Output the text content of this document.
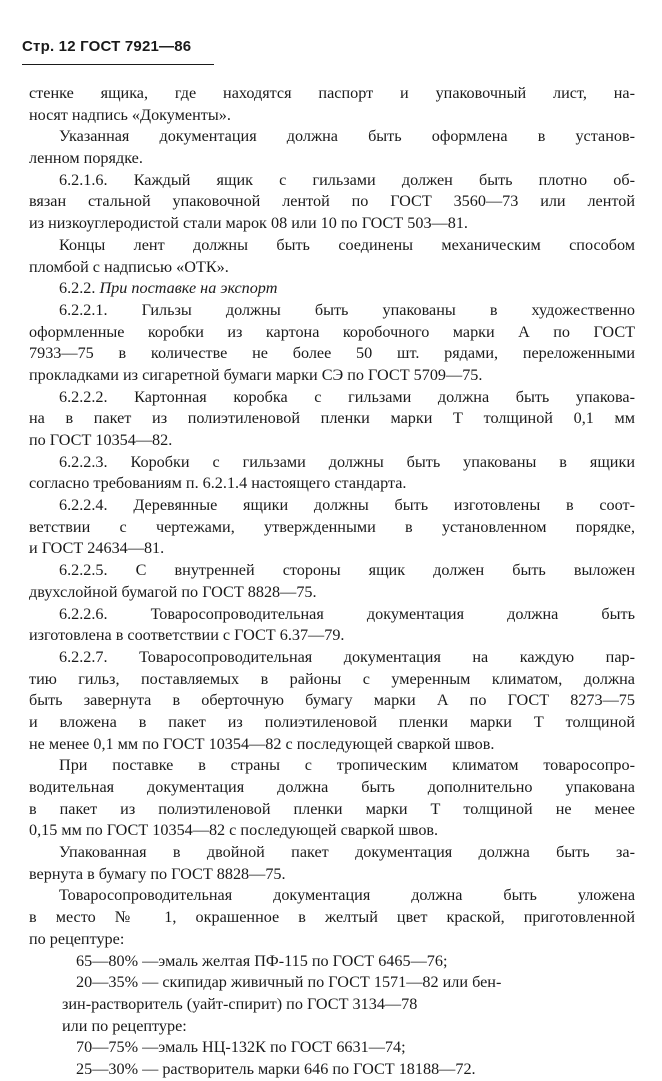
Стр. 12 ГОСТ 7921—86
стенке ящика, где находятся паспорт и упаковочный лист, на-
носят надпись «Документы».
Указанная документация должна быть оформлена в установ-
ленном порядке.
6.2.1.6. Каждый ящик с гильзами должен быть плотно об-
вязан стальной упаковочной лентой по ГОСТ 3560—73 или лентой
из низкоуглеродистой стали марок 08 или 10 по ГОСТ 503—81.
Концы лент должны быть соединены механическим способом
пломбой с надписью «ОТК».
6.2.2. При поставке на экспорт
6.2.2.1. Гильзы должны быть упакованы в художественно
оформленные коробки из картона коробочного марки А по ГОСТ
7933—75 в количестве не более 50 шт. рядами, переложенными
прокладками из сигаретной бумаги марки СЭ по ГОСТ 5709—75.
6.2.2.2. Картонная коробка с гильзами должна быть упакова-
на в пакет из полиэтиленовой пленки марки Т толщиной 0,1 мм
по ГОСТ 10354—82.
6.2.2.3. Коробки с гильзами должны быть упакованы в ящики
согласно требованиям п. 6.2.1.4 настоящего стандарта.
6.2.2.4. Деревянные ящики должны быть изготовлены в соот-
ветствии с чертежами, утвержденными в установленном порядке,
и ГОСТ 24634—81.
6.2.2.5. С внутренней стороны ящик должен быть выложен
двухслойной бумагой по ГОСТ 8828—75.
6.2.2.6. Товаросопроводительная документация должна быть
изготовлена в соответствии с ГОСТ 6.37—79.
6.2.2.7. Товаросопроводительная документация на каждую пар-
тию гильз, поставляемых в районы с умеренным климатом, должна
быть завернута в оберточную бумагу марки А по ГОСТ 8273—75
и вложена в пакет из полиэтиленовой пленки марки Т толщиной
не менее 0,1 мм по ГОСТ 10354—82 с последующей сваркой швов.
При поставке в страны с тропическим климатом товаросопро-
водительная документация должна быть дополнительно упакована
в пакет из полиэтиленовой пленки марки Т толщиной не менее
0,15 мм по ГОСТ 10354—82 с последующей сваркой швов.
Упакованная в двойной пакет документация должна быть за-
вернута в бумагу по ГОСТ 8828—75.
Товаросопроводительная документация должна быть уложена
в место № 1, окрашенное в желтый цвет краской, приготовленной
по рецептуре:
65—80% —эмаль желтая ПФ-115 по ГОСТ 6465—76;
20—35% — скипидар живичный по ГОСТ 1571—82 или бен-
зин-растворитель (уайт-спирит) по ГОСТ 3134—78
или по рецептуре:
70—75% —эмаль НЦ-132К по ГОСТ 6631—74;
25—30% — растворитель марки 646 по ГОСТ 18188—72.
